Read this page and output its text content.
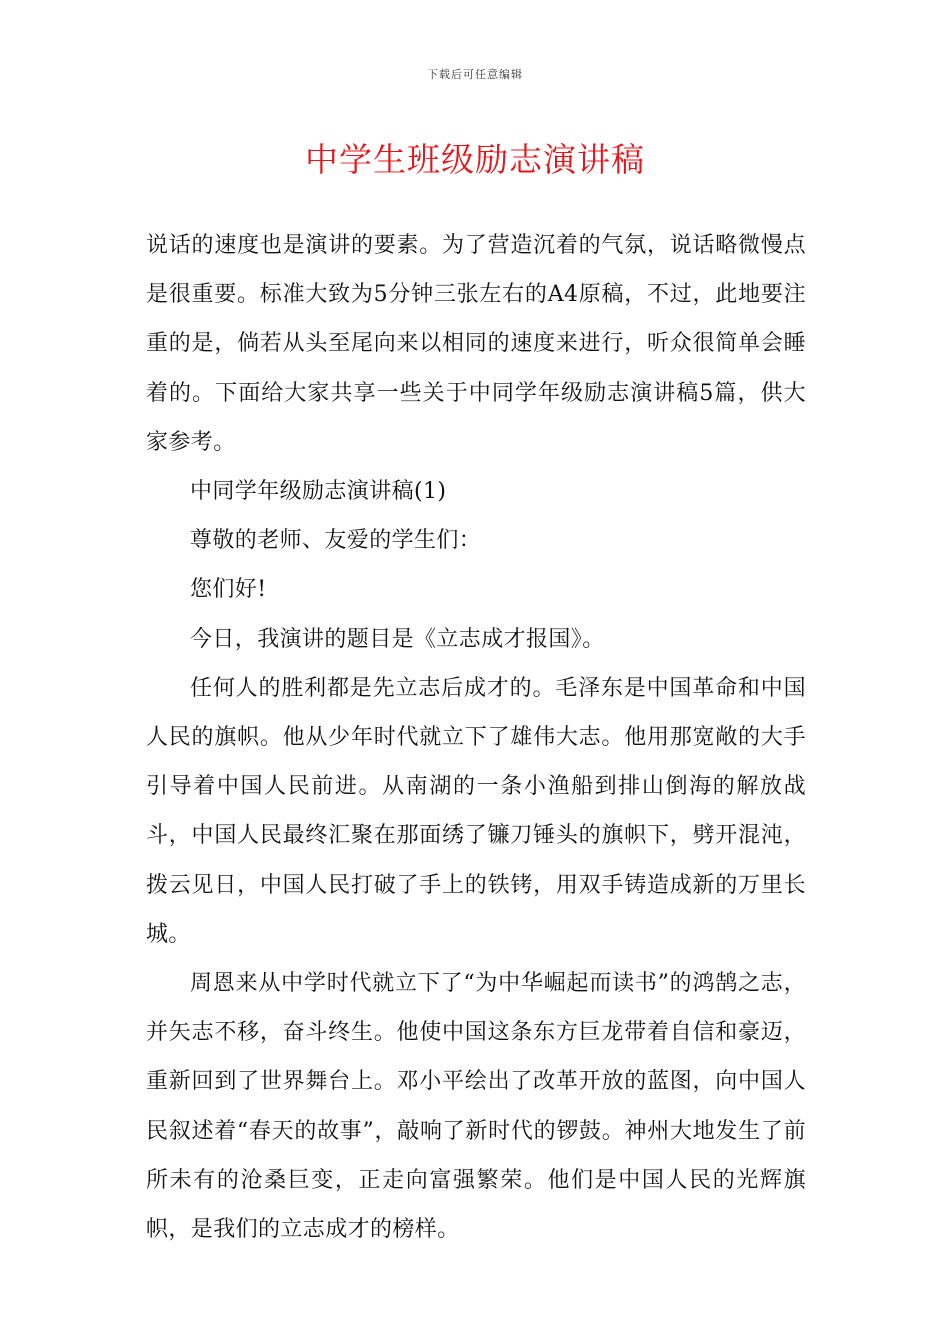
下载后可任意编辑
中学生班级励志演讲稿

说话的速度也是演讲的要素。为了营造沉着的气氛，说话略微慢点是很重要。标准大致为5分钟三张左右的A4原稿，不过，此地要注重的是，倘若从头至尾向来以相同的速度来进行，听众很简单会睡着的。下面给大家共享一些关于中同学年级励志演讲稿5篇，供大家参考。

中同学年级励志演讲稿(1)

尊敬的老师、友爱的学生们：

您们好!

今日，我演讲的题目是《立志成才报国》。

任何人的胜利都是先立志后成才的。毛泽东是中国革命和中国人民的旗帜。他从少年时代就立下了雄伟大志。他用那宽敞的大手引导着中国人民前进。从南湖的一条小渔船到排山倒海的解放战斗，中国人民最终汇聚在那面绣了镰刀锤头的旗帜下，劈开混沌，拨云见日，中国人民打破了手上的铁铐，用双手铸造成新的万里长城。

周恩来从中学时代就立下了“为中华崛起而读书”的鸿鹄之志，并矢志不移，奋斗终生。他使中国这条东方巨龙带着自信和豪迈，重新回到了世界舞台上。邓小平绘出了改革开放的蓝图，向中国人民叙述着“春天的故事”，敲响了新时代的锣鼓。神州大地发生了前所未有的沧桑巨变，正走向富强繁荣。他们是中国人民的光辉旗帜，是我们的立志成才的榜样。
